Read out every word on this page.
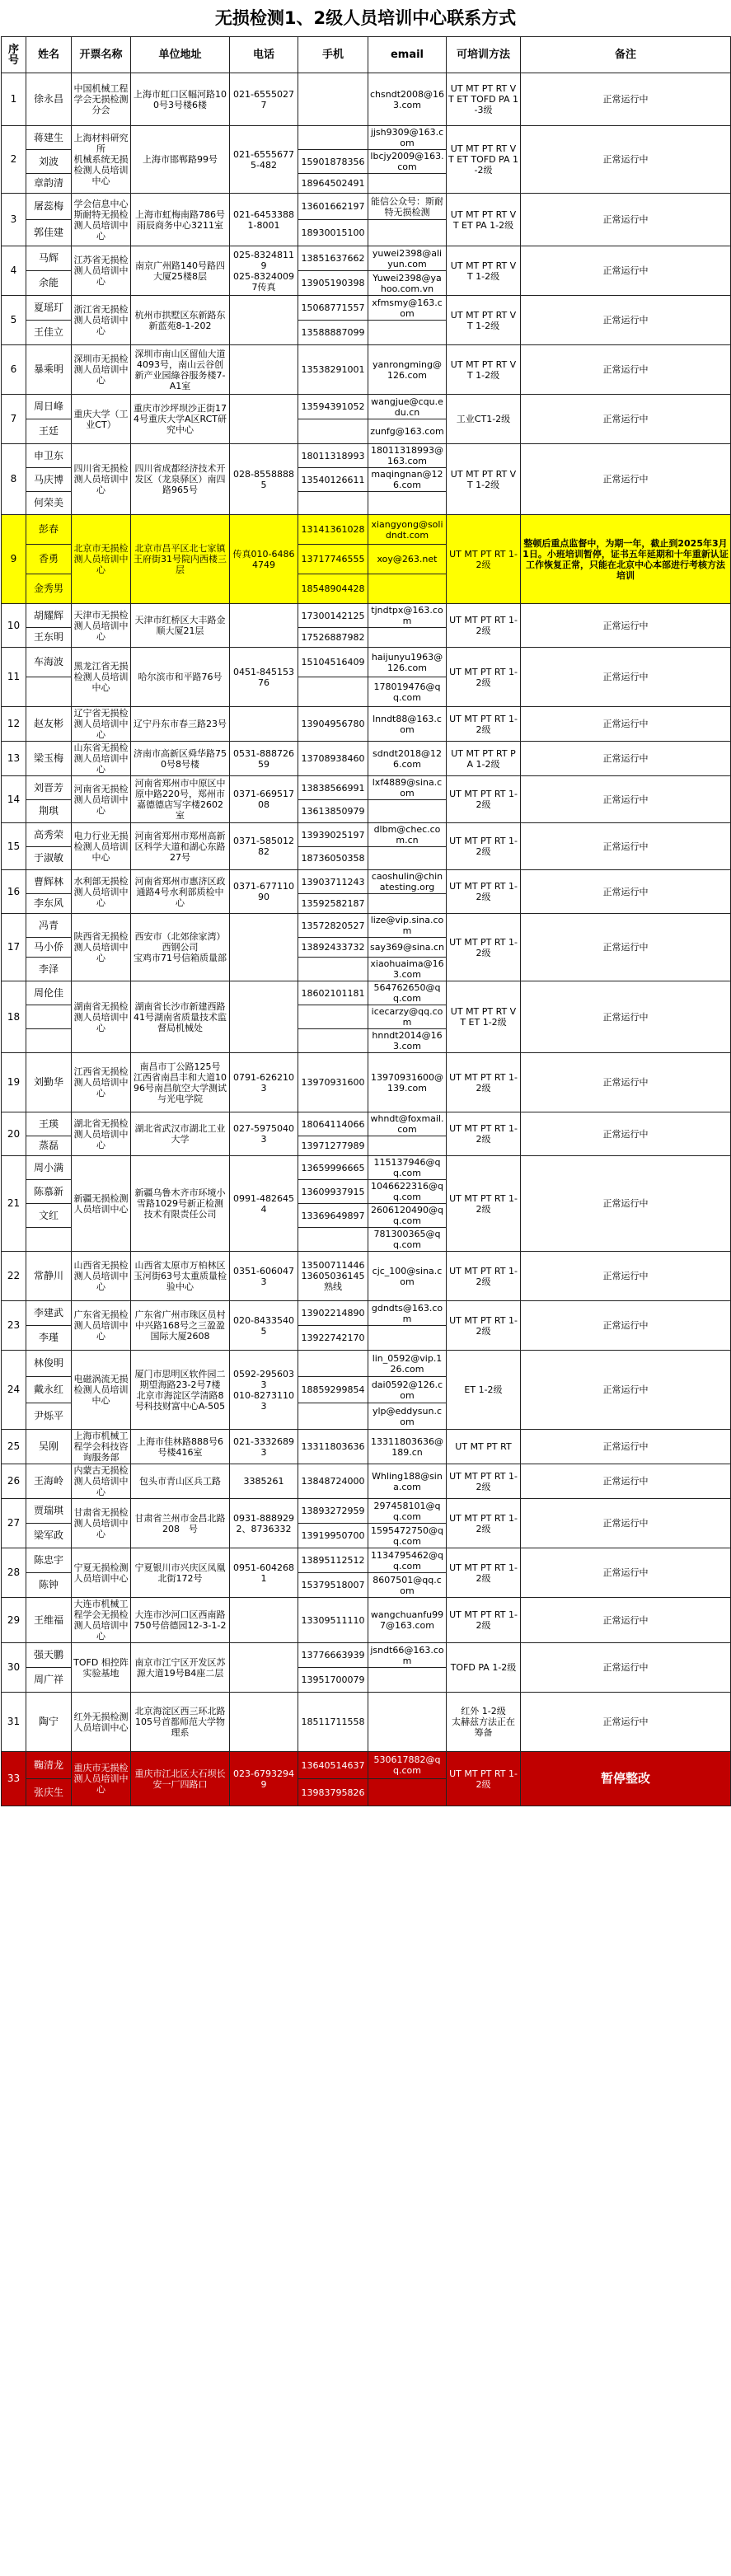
无损检测1、2级人员培训中心联系方式
序号	姓名	开票名称	单位地址	电话	手机	email	可培训方法	备注
1	徐永昌	中国机械工程学会无损检测分会	上海市虹口区幅河路100号3号楼6楼	021-65550277		chsndt2008@163.com	UT MT PT RT VT ET TOFD PA 1-3级	正常运行中
2	蒋建生	上海材料研究所
机械系统无损检测人员培训中心	上海市邯郸路99号	021-65556775-482		jjsh9309@163.com	UT MT PT RT VT ET TOFD PA 1-2级	正常运行中
	刘波				15901878356	lbcjy2009@163.com		
	章韵清				18964502491			
3	屠蕊梅	学会信息中心
斯耐特无损检测人员培训中心	上海市虹梅南路786号雨辰商务中心3211室	021-64533881-8001	13601662197	能信公众号：斯耐特无损检测	UT MT PT RT VT ET PA 1-2级	正常运行中
	郭佳建				18930015100			
4	马辉	江苏省无损检测人员培训中心	南京广州路140号路四大厦25楼8层	025-83248119
025-83240097传真	13851637662	yuwei2398@aliyun.com	UT MT PT RT VT 1-2级	正常运行中
	余能				13905190398	Yuwei2398@yahoo.com.vn		
5	夏瑶玎	浙江省无损检测人员培训中心	杭州市拱墅区东新路东新蓝苑8-1-202		15068771557	xfmsmy@163.com	UT MT PT RT VT 1-2级	正常运行中
	王佳立				13588887099			
6	暴乘明	深圳市无损检测人员培训中心	深圳市南山区留仙大道4093号，南山云谷创新产业园綠谷服务楼7-A1室		13538291001	yanrongming@126.com	UT MT PT RT VT 1-2级	正常运行中
7	周日峰	重庆大学（工业CT）	重庆市沙坪坝沙正街174号重庆大学A区RCT研究中心		13594391052	wangjue@cqu.edu.cn	工业CT1-2级	正常运行中
	王廷					zunfg@163.com		
8	申卫东	四川省无损检测人员培训中心	四川省成都经济技术开发区（龙泉驿区）南四路965号	028-85588885	18011318993	18011318993@163.com	UT MT PT RT VT 1-2级	正常运行中
	马庆博				13540126611	maqingnan@126.com		
	何荣美							
9	彭春	北京市无损检测人员培训中心	北京市昌平区北七家镇王府街31号院内西楼三层	传真010-64864749	13141361028	xiangyong@solidndt.com	UT MT PT RT 1-2级	整顿后重点监督中，为期一年，截止到2025年3月1日。小班培训暂停，证书五年延期和十年重新认证工作恢复正常，只能在北京中心本部进行考核方法培训
	香勇				13717746555	xoy@263.net		
	金秀男				18548904428			
10	胡耀辉	天津市无损检测人员培训中心	天津市红桥区大丰路金顺大厦21层		17300142125	tjndtpx@163.com	UT MT PT RT 1-2级	正常运行中
	王东明				17526887982			
11	车海波	黑龙江省无损检测人员培训中心	哈尔滨市和平路76号	0451-84515376	15104516409	haijunyu1963@126.com	UT MT PT RT 1-2级	正常运行中
						178019476@qq.com		
12	赵友彬	辽宁省无损检测人员培训中心	辽宁丹东市春三路23号		13904956780	lnndt88@163.com	UT MT PT RT 1-2级	正常运行中
13	梁玉梅	山东省无损检测人员培训中心	济南市高新区舜华路750号8号楼	0531-88872659	13708938460	sdndt2018@126.com	UT MT PT RT PA 1-2级	正常运行中
14	刘晋芳	河南省无损检测人员培训中心	河南省郑州市中原区中原中路220号，郑州市嘉德德店写字楼2602室	0371-66951708	13838566991	lxf4889@sina.com	UT MT PT RT 1-2级	正常运行中
	荆琪				13613850979			
15	高秀荣	电力行业无损检测人员培训中心	河南省郑州市郑州高新区科学大道和湖心东路27号	0371-58501282	13939025197	dlbm@chec.com.cn	UT MT PT RT 1-2级	正常运行中
	于淑敏				18736050358			
16	曹辉林	水利部无损检测人员培训中心	河南省郑州市惠济区政通路4号水利部质检中心	0371-67711090	13903711243	caoshulin@chinatesting.org	UT MT PT RT 1-2级	正常运行中
	李东风				13592582187			
17	冯青	陕西省无损检测人员培训中心	西安市（北郊徐家湾）西钢公司
宝鸡市71号信箱质量部		13572820527	lize@vip.sina.com	UT MT PT RT 1-2级	正常运行中
	马小侨				13892433732	say369@sina.cn		
	李泽					xiaohuaima@163.com		
18	周伦佳	湖南省无损检测人员培训中心	湖南省长沙市新建西路41号湖南省质量技术监督局机械处		18602101181	564762650@qq.com	UT MT PT RT VT ET 1-2级	正常运行中
						icecarzy@qq.com		
						hnndt2014@163.com		
19	刘勤华	江西省无损检测人员培训中心	南昌市丁公路125号
江西省南昌丰和大道1096号南昌航空大学测试与光电学院	0791-6262103	13970931600	13970931600@139.com	UT MT PT RT 1-2级	正常运行中
20	王瑛	湖北省无损检测人员培训中心	湖北省武汉市湖北工业大学	027-59750403	18064114066	whndt@foxmail.com	UT MT PT RT 1-2级	正常运行中
	蒸磊				13971277989			
21	周小满	新疆无损检测人员培训中心	新疆乌鲁木齐市环境小雪路1029号新正检测技术有限责任公司	0991-4826454	13659996665	115137946@qq.com	UT MT PT RT 1-2级	正常运行中
	陈慕新				13609937915	1046622316@qq.com		
	文红				13369649897	2606120490@qq.com		
						781300365@qq.com		
22	常静川	山西省无损检测人员培训中心	山西省太原市万柏林区玉河街63号太重质量检验中心	0351-6060473	13500711446
13605036145熟线	cjc_100@sina.com	UT MT PT RT 1-2级	正常运行中
23	李建武	广东省无损检测人员培训中心	广东省广州市珠区员村中兴路168号之三盈盈国际大厦2608	020-84335405	13902214890	gdndts@163.com	UT MT PT RT 1-2级	正常运行中
	李瑾				13922742170			
24	林俊明	电磁涡流无损检测人员培训中心	厦门市思明区软件园二期望海路23-2号7楼
北京市海淀区学清路8号科技财富中心A-505	0592-2956033
010-82731103		lin_0592@vip.126.com	ET 1-2级	正常运行中
	戴永红				18859299854	dai0592@126.com		
	尹烁平					ylp@eddysun.com		
25	吴刚	上海市机械工程学会科技咨询服务部	上海市佳林路888号6号楼416室	021-33326893	13311803636	13311803636@189.cn	UT MT PT RT	正常运行中
26	王海岭	内蒙古无损检测人员培训中心	包头市青山区兵工路	3385261	13848724000	Whling188@sina.com	UT MT PT RT 1-2级	正常运行中
27	贾瑞琪	甘肃省无损检测人员培训中心	甘肃省兰州市金昌北路208　号	0931-8889292、8736332	13893272959	297458101@qq.com	UT MT PT RT 1-2级	正常运行中
	梁军政				13919950700	1595472750@qq.com		
28	陈忠宇	宁夏无损检测人员培训中心	宁夏银川市兴庆区凤凰北街172号	0951-6042681	13895112512	1134795462@qq.com	UT MT PT RT 1-2级	正常运行中
	陈钟				15379518007	8607501@qq.com		
29	王维福	大连市机械工程学会无损检测人员培训中心	大连市沙河口区西南路750号倍德园12-3-1-2		13309511110	wangchuanfu997@163.com	UT MT PT RT 1-2级	正常运行中
30	强天鹏	TOFD 相控阵实验基地	南京市江宁区开发区苏源大道19号B4座二层		13776663939	jsndt66@163.com	TOFD PA 1-2级	正常运行中
	周广祥				13951700079			
31	陶宁	红外无损检测人员培训中心	北京海淀区西三环北路105号首都师范大学物理系		18511711558		红外 1-2级
太赫兹方法正在筹备	正常运行中
33	鞠清龙	重庆市无损检测人员培训中心	重庆市江北区大石坝长安一厂四路口	023-67932949	13640514637	530617882@qq.com	UT MT PT RT 1-2级	暂停整改
	张庆生				13983795826			
